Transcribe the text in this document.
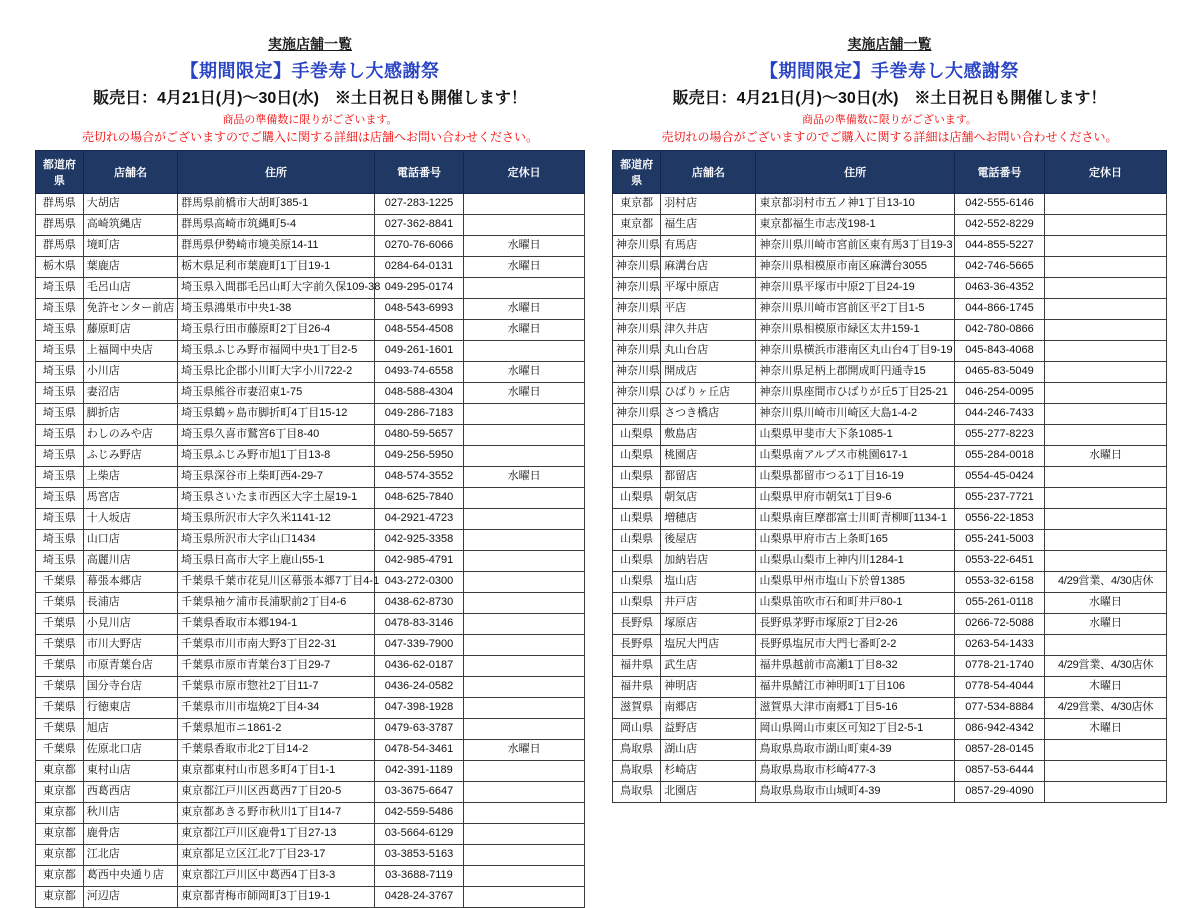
実施店舗一覧
【期間限定】手巻寿し大感謝祭
販売日：4月21日(月)～30日(水)　※土日祝日も開催します！
商品の準備数に限りがございます。
売切れの場合がございますのでご購入に関する詳細は店舗へお問い合わせください。
都道府県	店舗名	住所	電話番号	定休日
群馬県	大胡店	群馬県前橋市大胡町385-1	027-283-1225	
群馬県	高崎筑縄店	群馬県高崎市筑縄町5-4	027-362-8841	
群馬県	境町店	群馬県伊勢崎市境美原14-11	0270-76-6066	水曜日
栃木県	葉鹿店	栃木県足利市葉鹿町1丁目19-1	0284-64-0131	水曜日
埼玉県	毛呂山店	埼玉県入間郡毛呂山町大字前久保109-38	049-295-0174	
埼玉県	免許センター前店	埼玉県鴻巣市中央1-38	048-543-6993	水曜日
埼玉県	藤原町店	埼玉県行田市藤原町2丁目26-4	048-554-4508	水曜日
埼玉県	上福岡中央店	埼玉県ふじみ野市福岡中央1丁目2-5	049-261-1601	
埼玉県	小川店	埼玉県比企郡小川町大字小川722-2	0493-74-6558	水曜日
埼玉県	妻沼店	埼玉県熊谷市妻沼東1-75	048-588-4304	水曜日
埼玉県	脚折店	埼玉県鶴ヶ島市脚折町4丁目15-12	049-286-7183	
埼玉県	わしのみや店	埼玉県久喜市鷲宮6丁目8-40	0480-59-5657	
埼玉県	ふじみ野店	埼玉県ふじみ野市旭1丁目13-8	049-256-5950	
埼玉県	上柴店	埼玉県深谷市上柴町西4-29-7	048-574-3552	水曜日
埼玉県	馬宮店	埼玉県さいたま市西区大字土屋19-1	048-625-7840	
埼玉県	十人坂店	埼玉県所沢市大字久米1141-12	04-2921-4723	
埼玉県	山口店	埼玉県所沢市大字山口1434	042-925-3358	
埼玉県	高麗川店	埼玉県日高市大字上鹿山55-1	042-985-4791	
千葉県	幕張本郷店	千葉県千葉市花見川区幕張本郷7丁目4-1	043-272-0300	
千葉県	長浦店	千葉県袖ケ浦市長浦駅前2丁目4-6	0438-62-8730	
千葉県	小見川店	千葉県香取市本郷194-1	0478-83-3146	
千葉県	市川大野店	千葉県市川市南大野3丁目22-31	047-339-7900	
千葉県	市原青葉台店	千葉県市原市青葉台3丁目29-7	0436-62-0187	
千葉県	国分寺台店	千葉県市原市惣社2丁目11-7	0436-24-0582	
千葉県	行徳東店	千葉県市川市塩焼2丁目4-34	047-398-1928	
千葉県	旭店	千葉県旭市ニ1861-2	0479-63-3787	
千葉県	佐原北口店	千葉県香取市北2丁目14-2	0478-54-3461	水曜日
東京都	東村山店	東京都東村山市恩多町4丁目1-1	042-391-1189	
東京都	西葛西店	東京都江戸川区西葛西7丁目20-5	03-3675-6647	
東京都	秋川店	東京都あきる野市秋川1丁目14-7	042-559-5486	
東京都	鹿骨店	東京都江戸川区鹿骨1丁目27-13	03-5664-6129	
東京都	江北店	東京都足立区江北7丁目23-17	03-3853-5163	
東京都	葛西中央通り店	東京都江戸川区中葛西4丁目3-3	03-3688-7119	
東京都	河辺店	東京都青梅市師岡町3丁目19-1	0428-24-3767	
実施店舗一覧
【期間限定】手巻寿し大感謝祭
販売日：4月21日(月)～30日(水)　※土日祝日も開催します！
商品の準備数に限りがございます。
売切れの場合がございますのでご購入に関する詳細は店舗へお問い合わせください。
都道府県	店舗名	住所	電話番号	定休日
東京都	羽村店	東京都羽村市五ノ神1丁目13-10	042-555-6146	
東京都	福生店	東京都福生市志茂198-1	042-552-8229	
神奈川県	有馬店	神奈川県川崎市宮前区東有馬3丁目19-3	044-855-5227	
神奈川県	麻溝台店	神奈川県相模原市南区麻溝台3055	042-746-5665	
神奈川県	平塚中原店	神奈川県平塚市中原2丁目24-19	0463-36-4352	
神奈川県	平店	神奈川県川崎市宮前区平2丁目1-5	044-866-1745	
神奈川県	津久井店	神奈川県相模原市緑区太井159-1	042-780-0866	
神奈川県	丸山台店	神奈川県横浜市港南区丸山台4丁目9-19	045-843-4068	
神奈川県	開成店	神奈川県足柄上郡開成町円通寺15	0465-83-5049	
神奈川県	ひばりヶ丘店	神奈川県座間市ひばりが丘5丁目25-21	046-254-0095	
神奈川県	さつき橋店	神奈川県川崎市川崎区大島1-4-2	044-246-7433	
山梨県	敷島店	山梨県甲斐市大下条1085-1	055-277-8223	
山梨県	桃園店	山梨県南アルプス市桃園617-1	055-284-0018	水曜日
山梨県	都留店	山梨県都留市つる1丁目16-19	0554-45-0424	
山梨県	朝気店	山梨県甲府市朝気1丁目9-6	055-237-7721	
山梨県	増穂店	山梨県南巨摩郡富士川町青柳町1134-1	0556-22-1853	
山梨県	後屋店	山梨県甲府市古上条町165	055-241-5003	
山梨県	加納岩店	山梨県山梨市上神内川1284-1	0553-22-6451	
山梨県	塩山店	山梨県甲州市塩山下於曽1385	0553-32-6158	4/29営業、4/30店休
山梨県	井戸店	山梨県笛吹市石和町井戸80-1	055-261-0118	水曜日
長野県	塚原店	長野県茅野市塚原2丁目2-26	0266-72-5088	水曜日
長野県	塩尻大門店	長野県塩尻市大門七番町2-2	0263-54-1433	
福井県	武生店	福井県越前市高瀬1丁目8-32	0778-21-1740	4/29営業、4/30店休
福井県	神明店	福井県鯖江市神明町1丁目106	0778-54-4044	木曜日
滋賀県	南郷店	滋賀県大津市南郷1丁目5-16	077-534-8884	4/29営業、4/30店休
岡山県	益野店	岡山県岡山市東区可知2丁目2-5-1	086-942-4342	木曜日
鳥取県	湖山店	鳥取県鳥取市湖山町東4-39	0857-28-0145	
鳥取県	杉崎店	鳥取県鳥取市杉崎477-3	0857-53-6444	
鳥取県	北園店	鳥取県鳥取市山城町4-39	0857-29-4090	
